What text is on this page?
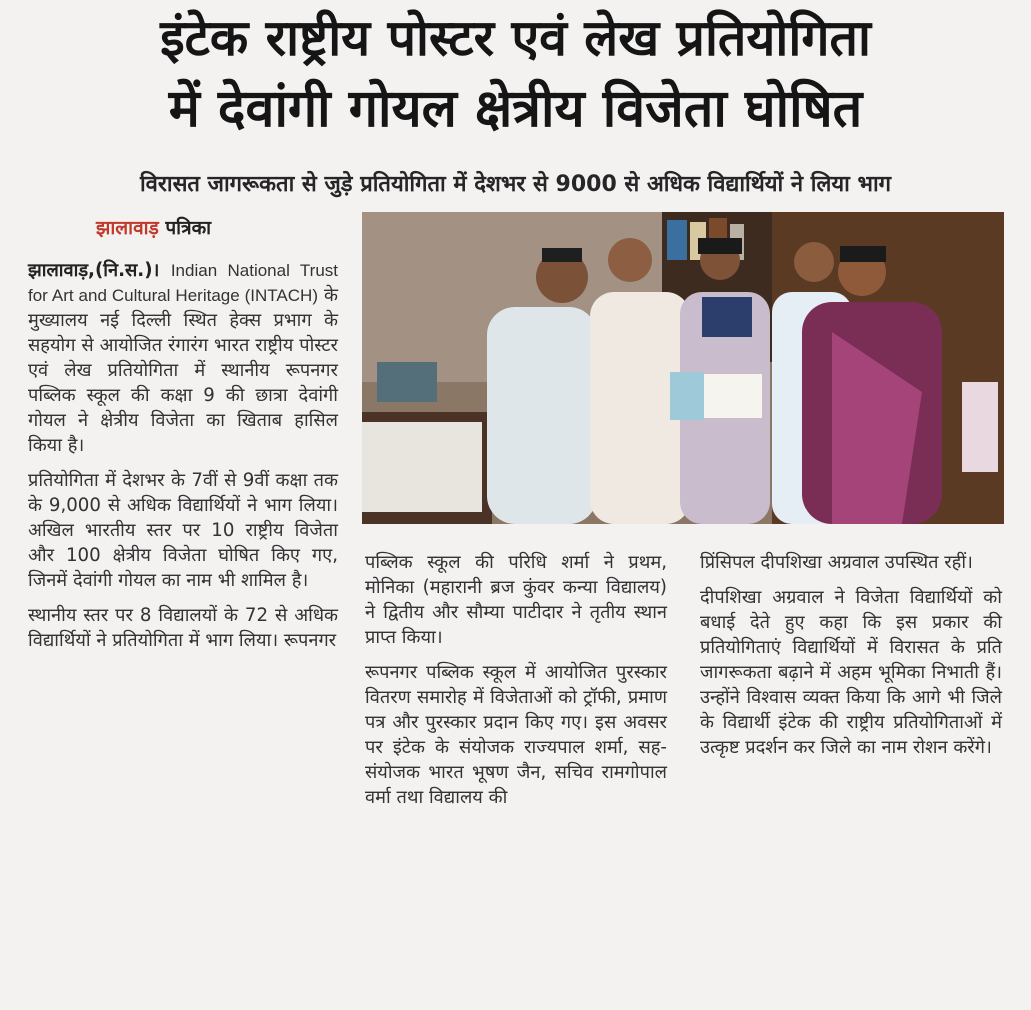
इंटेक राष्ट्रीय पोस्टर एवं लेख प्रतियोगिता
में देवांगी गोयल क्षेत्रीय विजेता घोषित
विरासत जागरूकता से जुड़े प्रतियोगिता में देशभर से 9000 से अधिक विद्यार्थियों ने लिया भाग
झालावाड़ पत्रिका

झालावाड़,(नि.स.)। Indian National Trust for Art and Cultural Heritage (INTACH) के मुख्यालय नई दिल्ली स्थित हेक्स प्रभाग के सहयोग से आयोजित रंगारंग भारत राष्ट्रीय पोस्टर एवं लेख प्रतियोगिता में स्थानीय रूपनगर पब्लिक स्कूल की कक्षा 9 की छात्रा देवांगी गोयल ने क्षेत्रीय विजेता का खिताब हासिल किया है।

प्रतियोगिता में देशभर के 7वीं से 9वीं कक्षा तक के 9,000 से अधिक विद्यार्थियों ने भाग लिया। अखिल भारतीय स्तर पर 10 राष्ट्रीय विजेता और 100 क्षेत्रीय विजेता घोषित किए गए, जिनमें देवांगी गोयल का नाम भी शामिल है।

स्थानीय स्तर पर 8 विद्यालयों के 72 से अधिक विद्यार्थियों ने प्रतियोगिता में भाग लिया। रूपनगर

पब्लिक स्कूल की परिधि शर्मा ने प्रथम, मोनिका (महारानी ब्रज कुंवर कन्या विद्यालय) ने द्वितीय और सौम्या पाटीदार ने तृतीय स्थान प्राप्त किया।

रूपनगर पब्लिक स्कूल में आयोजित पुरस्कार वितरण समारोह में विजेताओं को ट्रॉफी, प्रमाण पत्र और पुरस्कार प्रदान किए गए। इस अवसर पर इंटेक के संयोजक राज्यपाल शर्मा, सह-संयोजक भारत भूषण जैन, सचिव रामगोपाल वर्मा तथा विद्यालय की

प्रिंसिपल दीपशिखा अग्रवाल उपस्थित रहीं।

दीपशिखा अग्रवाल ने विजेता विद्यार्थियों को बधाई देते हुए कहा कि इस प्रकार की प्रतियोगिताएं विद्यार्थियों में विरासत के प्रति जागरूकता बढ़ाने में अहम भूमिका निभाती हैं। उन्होंने विश्वास व्यक्त किया कि आगे भी जिले के विद्यार्थी इंटेक की राष्ट्रीय प्रतियोगिताओं में उत्कृष्ट प्रदर्शन कर जिले का नाम रोशन करेंगे।
